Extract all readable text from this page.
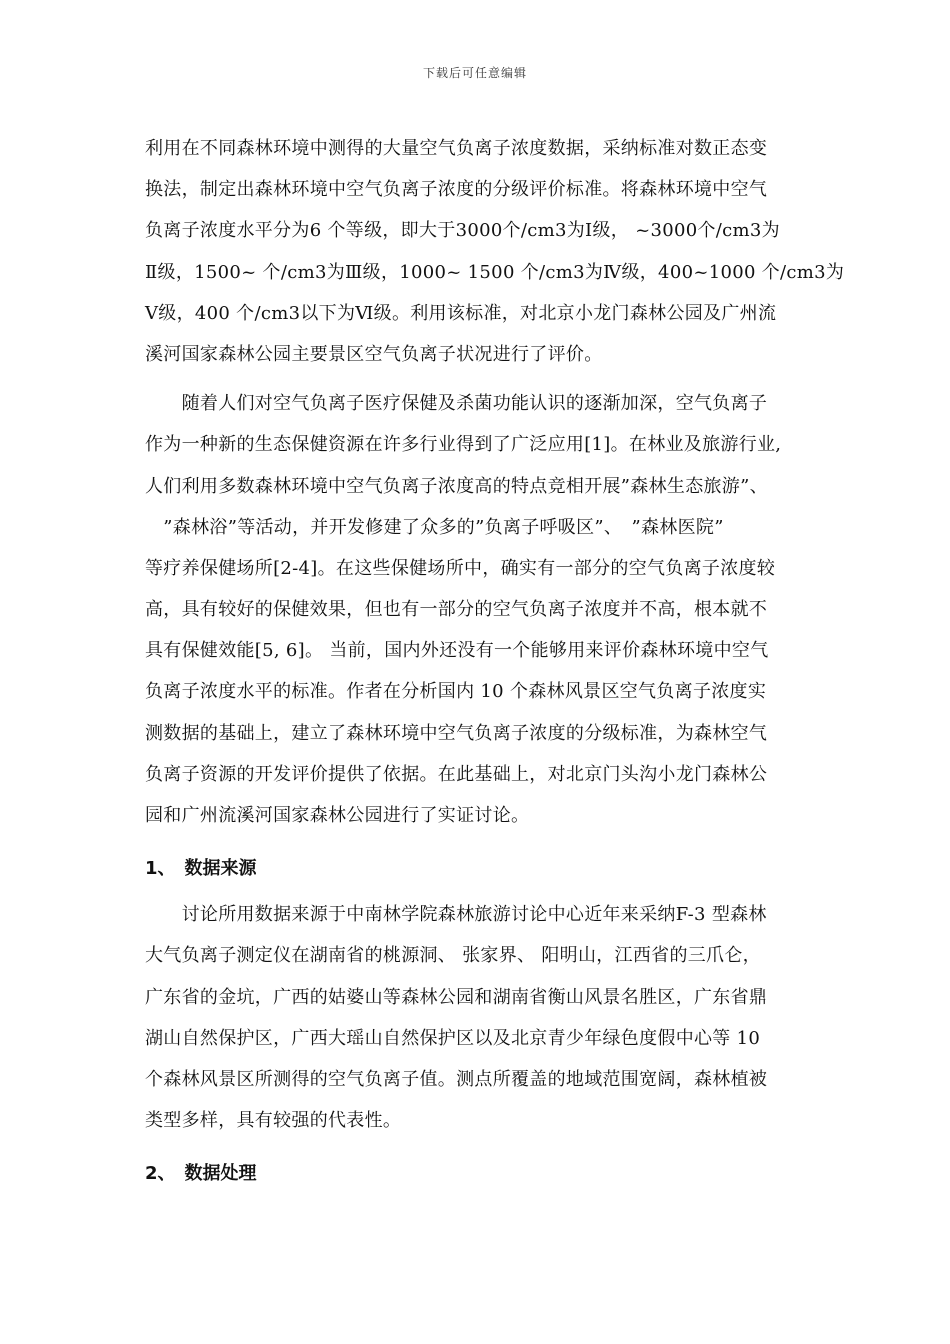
下载后可任意编辑
利用在不同森林环境中测得的大量空气负离子浓度数据，采纳标准对数正态变
换法，制定出森林环境中空气负离子浓度的分级评价标准。将森林环境中空气
负离子浓度水平分为6 个等级，即大于3000个/cm3为Ⅰ级， ~3000个/cm3为
Ⅱ级，1500~ 个/cm3为Ⅲ级，1000~ 1500 个/cm3为Ⅳ级，400~1000 个/cm3为
Ⅴ级，400 个/cm3以下为Ⅵ级。利用该标准，对北京小龙门森林公园及广州流
溪河国家森林公园主要景区空气负离子状况进行了评价。
　　随着人们对空气负离子医疗保健及杀菌功能认识的逐渐加深，空气负离子
作为一种新的生态保健资源在许多行业得到了广泛应用[1]。在林业及旅游行业,
人们利用多数森林环境中空气负离子浓度高的特点竞相开展”森林生态旅游”、
　”森林浴”等活动，并开发修建了众多的”负离子呼吸区”、　”森林医院”
等疗养保健场所[2-4]。在这些保健场所中，确实有一部分的空气负离子浓度较
高，具有较好的保健效果，但也有一部分的空气负离子浓度并不高，根本就不
具有保健效能[5, 6]。 当前，国内外还没有一个能够用来评价森林环境中空气
负离子浓度水平的标准。作者在分析国内 10 个森林风景区空气负离子浓度实
测数据的基础上，建立了森林环境中空气负离子浓度的分级标准，为森林空气
负离子资源的开发评价提供了依据。在此基础上，对北京门头沟小龙门森林公
园和广州流溪河国家森林公园进行了实证讨论。
1、　数据来源
　　讨论所用数据来源于中南林学院森林旅游讨论中心近年来采纳F-3 型森林
大气负离子测定仪在湖南省的桃源洞、 张家界、 阳明山，江西省的三爪仑，
广东省的金坑，广西的姑婆山等森林公园和湖南省衡山风景名胜区，广东省鼎
湖山自然保护区，广西大瑶山自然保护区以及北京青少年绿色度假中心等 10
个森林风景区所测得的空气负离子值。测点所覆盖的地域范围宽阔，森林植被
类型多样，具有较强的代表性。
2、　数据处理
